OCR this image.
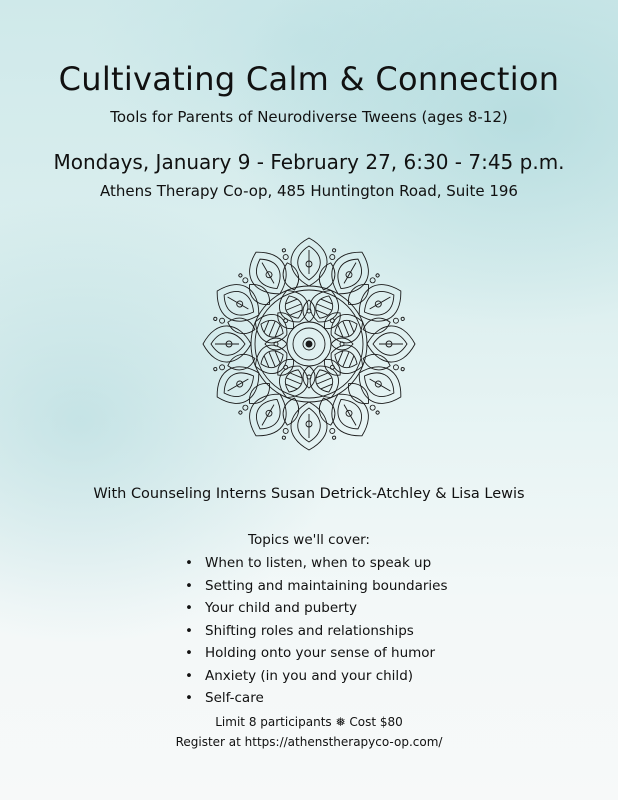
Cultivating Calm & Connection
Tools for Parents of Neurodiverse Tweens (ages 8-12)
Mondays, January 9 - February 27, 6:30 - 7:45 p.m.
Athens Therapy Co-op, 485 Huntington Road, Suite 196
With Counseling Interns Susan Detrick-Atchley & Lisa Lewis
Topics we'll cover:
• When to listen, when to speak up
• Setting and maintaining boundaries
• Your child and puberty
• Shifting roles and relationships
• Holding onto your sense of humor
• Anxiety (in you and your child)
• Self-care
Limit 8 participants ❅ Cost $80
Register at https://athenstherapyco-op.com/
